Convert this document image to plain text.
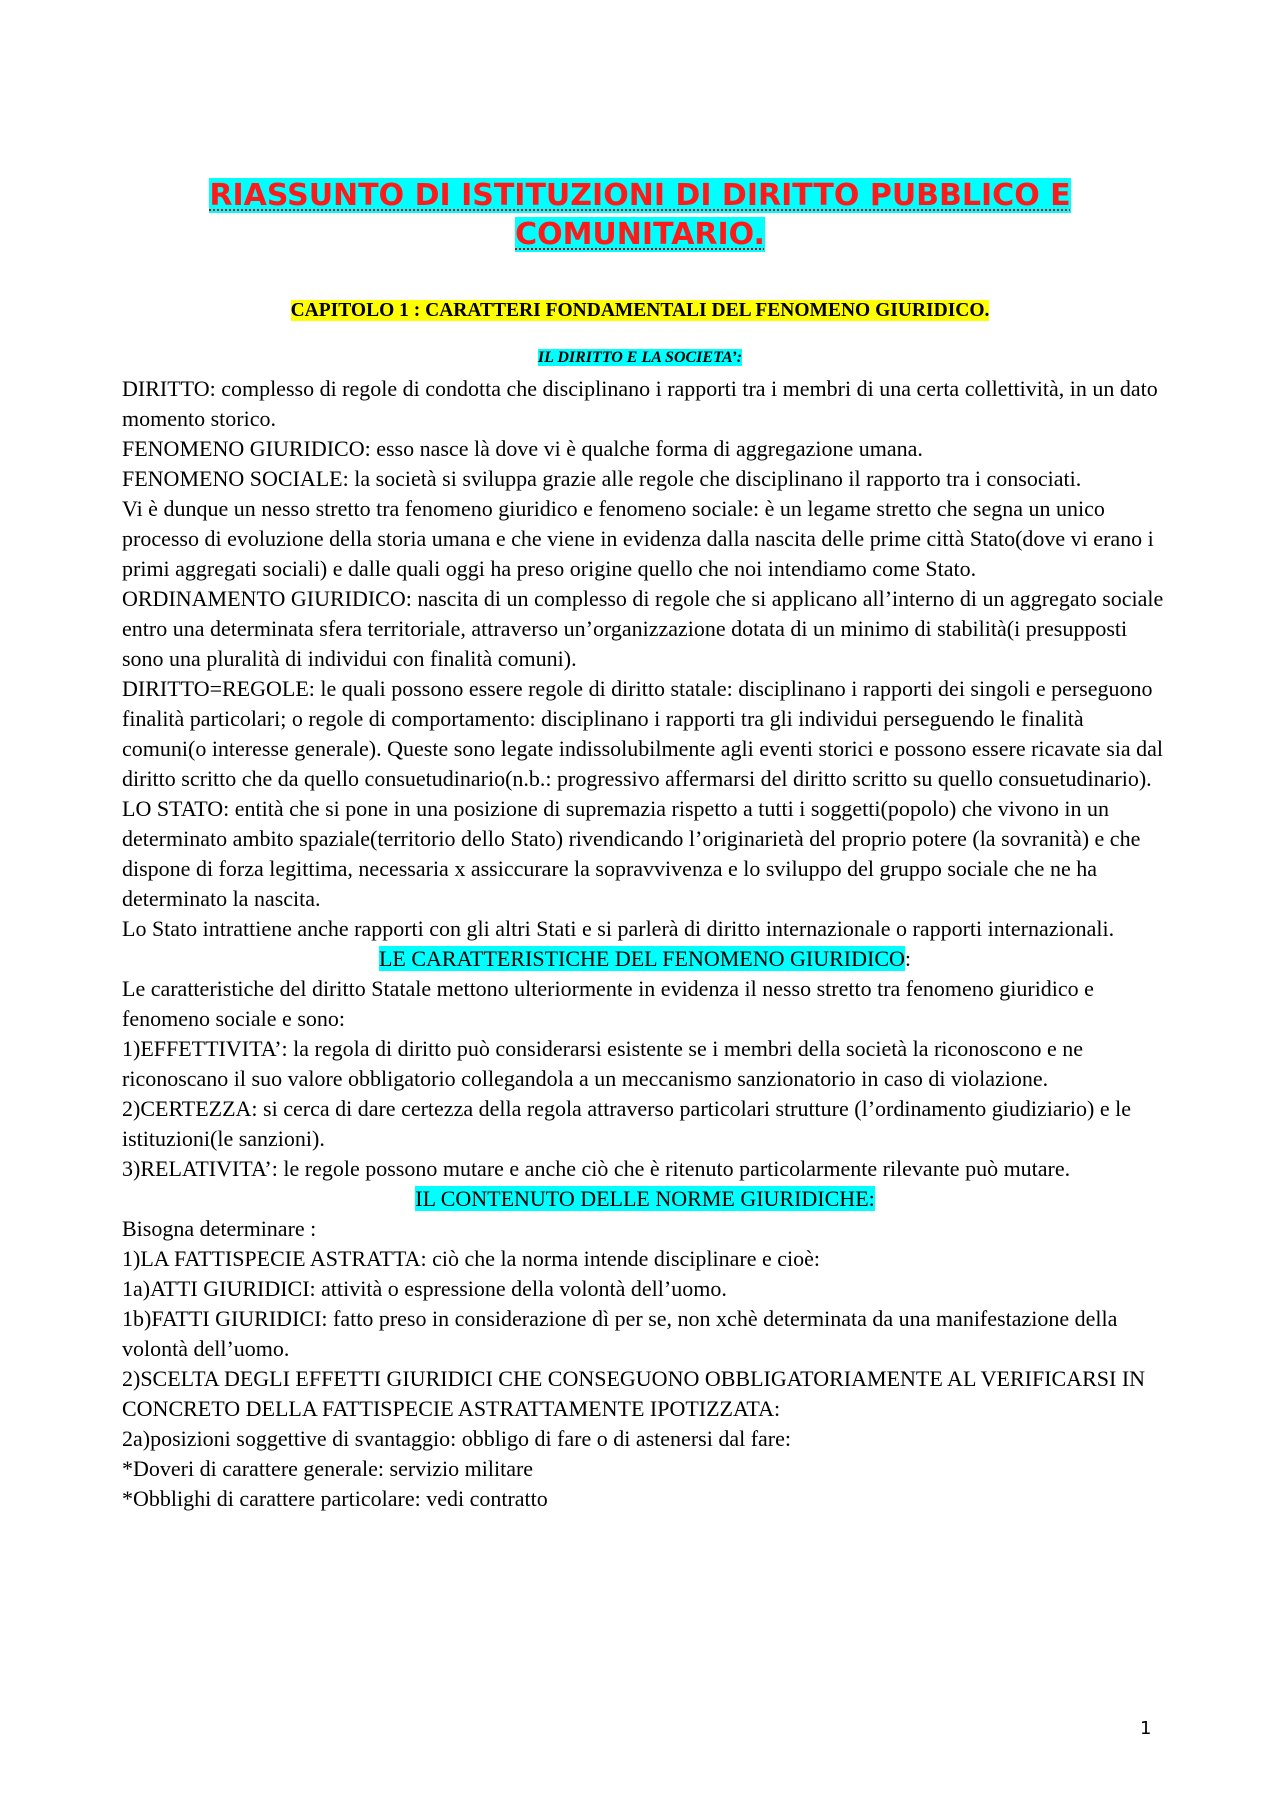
RIASSUNTO DI ISTITUZIONI DI DIRITTO PUBBLICO E
COMUNITARIO.
CAPITOLO 1 : CARATTERI FONDAMENTALI DEL FENOMENO GIURIDICO.
IL DIRITTO E LA SOCIETA’:

DIRITTO: complesso di regole di condotta che disciplinano i rapporti tra i membri di una certa collettività, in un dato momento storico.

FENOMENO GIURIDICO: esso nasce là dove vi è qualche forma di aggregazione umana.

FENOMENO SOCIALE: la società si sviluppa grazie alle regole che disciplinano il rapporto tra i consociati.

Vi è dunque un nesso stretto tra fenomeno giuridico e fenomeno sociale: è un legame stretto che segna un unico processo di evoluzione della storia umana e che viene in evidenza dalla nascita delle prime città Stato(dove vi erano i primi aggregati sociali) e dalle quali oggi ha preso origine quello che noi intendiamo come Stato.

ORDINAMENTO GIURIDICO: nascita di un complesso di regole che si applicano all’interno di un aggregato sociale entro una determinata sfera territoriale, attraverso un’organizzazione dotata di un minimo di stabilità(i presupposti sono una pluralità di individui con finalità comuni).

DIRITTO=REGOLE: le quali possono essere regole di diritto statale: disciplinano i rapporti dei singoli e perseguono finalità particolari; o regole di comportamento: disciplinano i rapporti tra gli individui perseguendo le finalità comuni(o interesse generale). Queste sono legate indissolubilmente agli eventi storici e possono essere ricavate sia dal diritto scritto che da quello consuetudinario(n.b.: progressivo affermarsi del diritto scritto su quello consuetudinario).

LO STATO: entità che si pone in una posizione di supremazia rispetto a tutti i soggetti(popolo) che vivono in un determinato ambito spaziale(territorio dello Stato) rivendicando l’originarietà del proprio potere (la sovranità) e che dispone di forza legittima, necessaria x assiccurare la sopravvivenza e lo sviluppo del gruppo sociale che ne ha determinato la nascita.

Lo Stato intrattiene anche rapporti con gli altri Stati e si parlerà di diritto internazionale o rapporti internazionali.

LE CARATTERISTICHE DEL FENOMENO GIURIDICO:

Le caratteristiche del diritto Statale mettono ulteriormente in evidenza il nesso stretto tra fenomeno giuridico e fenomeno sociale e sono:

1)EFFETTIVITA’: la regola di diritto può considerarsi esistente se i membri della società la riconoscono e ne riconoscano il suo valore obbligatorio collegandola a un meccanismo sanzionatorio in caso di violazione.

2)CERTEZZA: si cerca di dare certezza della regola attraverso particolari strutture (l’ordinamento giudiziario) e le istituzioni(le sanzioni).

3)RELATIVITA’: le regole possono mutare e anche ciò che è ritenuto particolarmente rilevante può mutare.

IL CONTENUTO DELLE NORME GIURIDICHE:

Bisogna determinare :

1)LA FATTISPECIE ASTRATTA: ciò che la norma intende disciplinare e cioè:

1a)ATTI GIURIDICI: attività o espressione della volontà dell’uomo.

1b)FATTI GIURIDICI: fatto preso in considerazione dì per se, non xchè determinata da una manifestazione della volontà dell’uomo.

2)SCELTA DEGLI EFFETTI GIURIDICI CHE CONSEGUONO OBBLIGATORIAMENTE AL VERIFICARSI IN CONCRETO DELLA FATTISPECIE ASTRATTAMENTE IPOTIZZATA:

2a)posizioni soggettive di svantaggio: obbligo di fare o di astenersi dal fare:

*Doveri di carattere generale: servizio militare

*Obblighi di carattere particolare: vedi contratto

1
